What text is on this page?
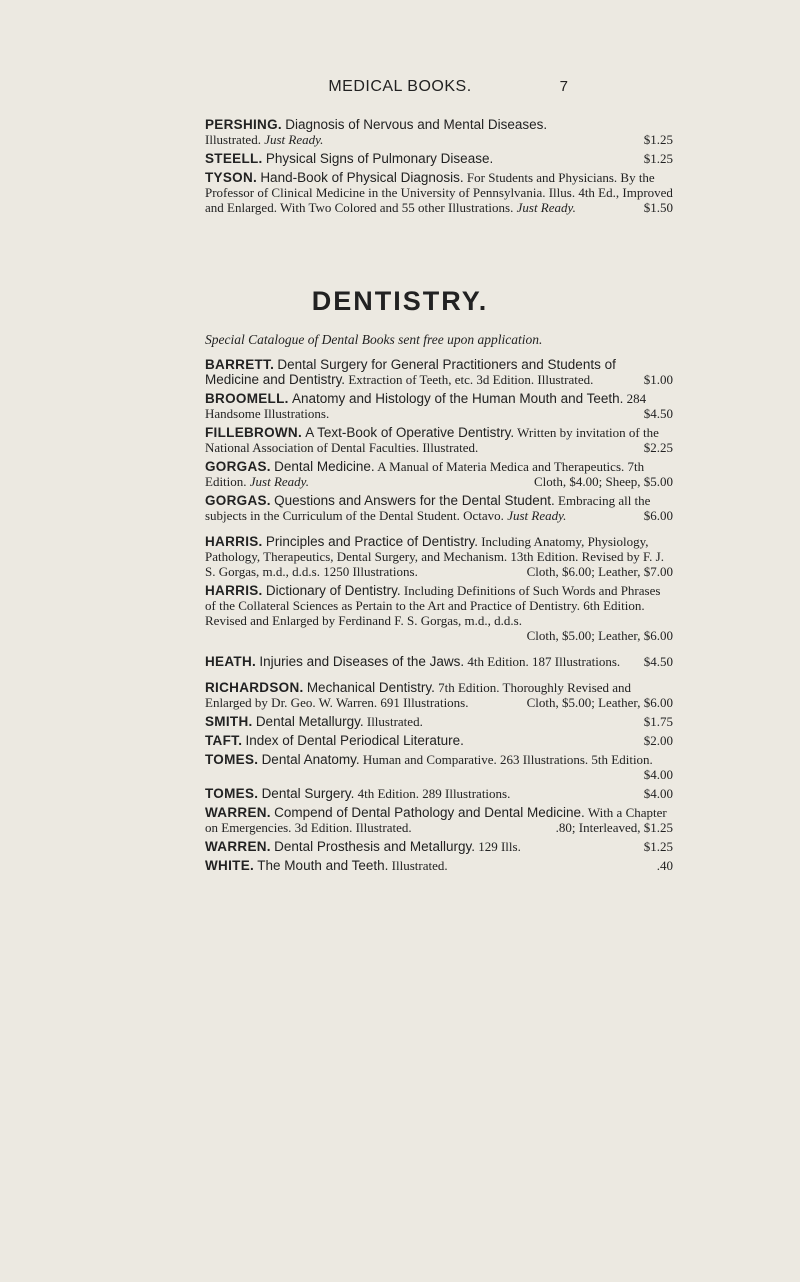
MEDICAL BOOKS.	7
PERSHING. Diagnosis of Nervous and Mental Diseases.
Illustrated. Just Ready.	$1.25
STEELL. Physical Signs of Pulmonary Disease.	$1.25
TYSON. Hand-Book of Physical Diagnosis. For Students and Physicians. By the Professor of Clinical Medicine in the University of Pennsylvania. Illus. 4th Ed., Improved and Enlarged. With Two Colored and 55 other Illustrations. Just Ready.	$1.50
DENTISTRY.
Special Catalogue of Dental Books sent free upon application.
BARRETT. Dental Surgery for General Practitioners and Students of Medicine and Dentistry. Extraction of Teeth, etc. 3d Edition. Illustrated.	$1.00
BROOMELL. Anatomy and Histology of the Human Mouth and Teeth. 284 Handsome Illustrations.	$4.50
FILLEBROWN. A Text-Book of Operative Dentistry. Written by invitation of the National Association of Dental Faculties. Illustrated.	$2.25
GORGAS. Dental Medicine. A Manual of Materia Medica and Therapeutics. 7th Edition. Just Ready.	Cloth, $4.00; Sheep, $5.00
GORGAS. Questions and Answers for the Dental Student. Embracing all the subjects in the Curriculum of the Dental Student. Octavo. Just Ready.	$6.00
HARRIS. Principles and Practice of Dentistry. Including Anatomy, Physiology, Pathology, Therapeutics, Dental Surgery, and Mechanism. 13th Edition. Revised by F. J. S. Gorgas, m.d., d.d.s. 1250 Illustrations.	Cloth, $6.00; Leather, $7.00
HARRIS. Dictionary of Dentistry. Including Definitions of Such Words and Phrases of the Collateral Sciences as Pertain to the Art and Practice of Dentistry. 6th Edition. Revised and Enlarged by Ferdinand F. S. Gorgas, m.d., d.d.s.
Cloth, $5.00; Leather, $6.00
HEATH. Injuries and Diseases of the Jaws. 4th Edition. 187 Illustrations. $4.50
RICHARDSON. Mechanical Dentistry. 7th Edition. Thoroughly Revised and Enlarged by Dr. Geo. W. Warren. 691 Illustrations.	Cloth, $5.00; Leather, $6.00
SMITH. Dental Metallurgy. Illustrated.	$1.75
TAFT. Index of Dental Periodical Literature.	$2.00
TOMES. Dental Anatomy. Human and Comparative. 263 Illustrations. 5th Edition.
$4.00
TOMES. Dental Surgery. 4th Edition. 289 Illustrations.	$4.00
WARREN. Compend of Dental Pathology and Dental Medicine. With a Chapter on Emergencies. 3d Edition. Illustrated.	.80; Interleaved, $1.25
WARREN. Dental Prosthesis and Metallurgy. 129 Ills.	$1.25
WHITE. The Mouth and Teeth. Illustrated.	.40
